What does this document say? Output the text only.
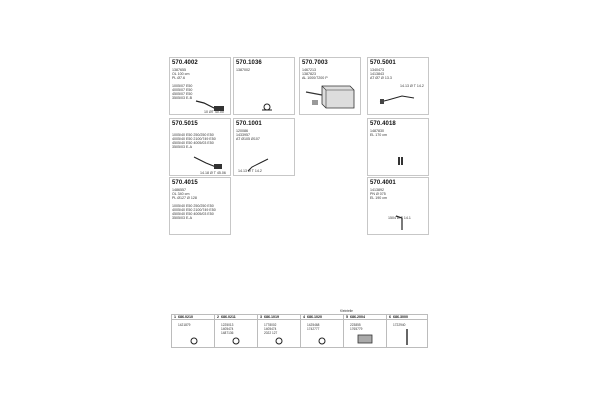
570.4002
1387655
OL 100 cm
PL Ø7.6
1005/07 E50
4005/07 E50
4505/07 E50
3505/03 E-B
10 ØT 40.00
570.1036
1387002
570.7003
1467213
1387823
AL 1000/7200 P
570.5001
1340473
1413843
AT Ø7 Ø 13.3
14.13 Ø T 14.2
570.5015
1005/40 E50 250/250 E50
4005/40 E50 2100/749 E50
4505/40 E50 4005/03 E50
3505/03 E-A
14.18 Ø T 45.06
570.1001
120086
1433957
AT Ø105 Ø107
14.13 Ø T 14.2
570.4018
1487830
EL 170 cm
570.4015
1486557
OL 340 cm
PL Ø127 Ø 128
1005/40 E50 250/250 E50
4005/40 E50 2100/749 E50
4505/40 E50 4005/03 E50
3505/03 E-A
570.4001
1413892
PN Ø 075
EL 190 cm
1504 Ø T 14.1
Kleinteile
1 686.0210
1421879
2 686.0211
1225013
1405474
1487136
3 686.1019
1778002
1405474
2022 127
4 686.1020
1425468
1742777
5 686.2004
223855
1765779
6 686.3000
1722940
